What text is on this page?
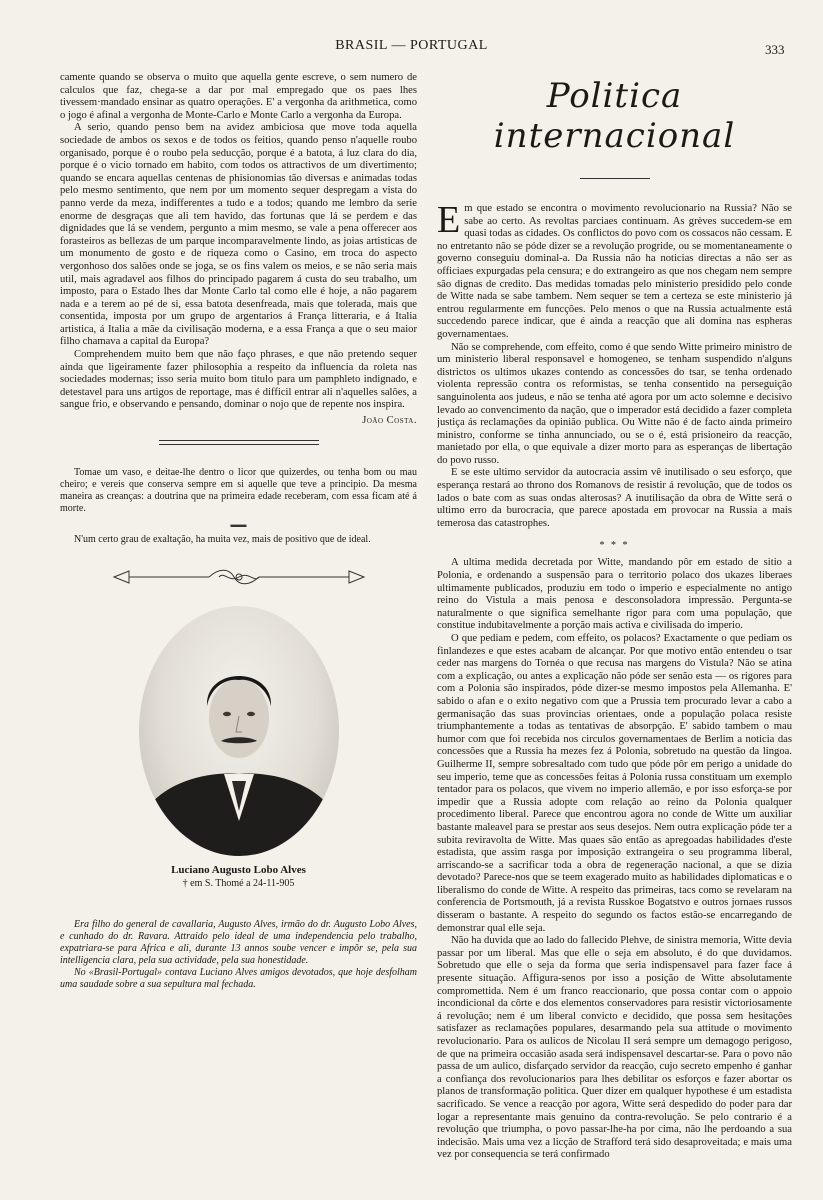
BRASIL — PORTUGAL	333

camente quando se observa o muito que aquella gente escreve, o sem numero de calculos que faz, chega-se a dar por mal empregado que os paes lhes tivessem·mandado ensinar as quatro operações. E' a vergonha da arithmetica, como o jogo é afinal a vergonha de Monte-Carlo e Monte Carlo a vergonha da Europa.

A serio, quando penso bem na avidez ambiciosa que move toda aquella sociedade de ambos os sexos e de todos os feitios, quando penso n'aquelle roubo organisado, porque é o roubo pela seducção, porque é a batota, á luz clara do dia, porque é o vicio tornado em habito, com todos os attractivos de um divertimento; quando se encara aquellas centenas de phisionomias tão diversas e animadas todas pelo mesmo sentimento, que nem por um momento sequer despregam a vista do panno verde da meza, indifferentes a tudo e a todos; quando me lembro da serie enorme de desgraças que ali tem havido, das fortunas que lá se perdem e das dignidades que lá se vendem, pergunto a mim mesmo, se vale a pena offerecer aos forasteiros as bellezas de um parque incomparavelmente lindo, as joias artisticas de um monumento de gosto e de riqueza como o Casino, em troca do aspecto vergonhoso dos salões onde se joga, se os fins valem os meios, e se não seria mais util, mais agradavel aos filhos do principado pagarem á custa do seu trabalho, um imposto, para o Estado lhes dar Monte Carlo tal como elle é hoje, a não pagarem nada e a terem ao pé de si, essa batota desenfreada, mais que tolerada, mais que consentida, imposta por um grupo de argentarios á França litteraria, e á Italia artistica, á Italia a mãe da civilisação moderna, e a essa França a que o seu maior filho chamava a capital da Europa?

Comprehendem muito bem que não faço phrases, e que não pretendo sequer ainda que ligeiramente fazer philosophia a respeito da influencia da roleta nas sociedades modernas; isso seria muito bom titulo para um pamphleto indignado, e detestavel para uns artigos de reportage, mas é difficil entrar ali n'aquelles salões, a sangue frio, e observando e pensando, dominar o nojo que de repente nos inspira.

João Costa.

Tomae um vaso, e deitae-lhe dentro o licor que quizerdes, ou tenha bom ou mau cheiro; e vereis que conserva sempre em si aquelle que teve a principio. Da mesma maneira as creanças: a doutrina que na primeira edade receberam, com essa ficam até á morte.

▬▬

N'um certo grau de exaltação, ha muita vez, mais de positivo que de ideal.

Luciano Augusto Lobo Alves
† em S. Thomé a 24-11-905

Era filho do general de cavallaria, Augusto Alves, irmão do dr. Augusto Lobo Alves, e cunhado do dr. Ravara. Attraido pelo ideal de uma independencia pelo trabalho, expatriara-se para Africa e ali, durante 13 annos soube vencer e impôr se, pela sua intelligencia clara, pela sua actividade, pela sua honestidade.

No «Brasil-Portugal» contava Luciano Alves amigos devotados, que hoje desfolham uma saudade sobre a sua sepultura mal fechada.

Politica internacional

Em que estado se encontra o movimento revolucionario na Russia? Não se sabe ao certo. As revoltas parciaes continuam. As grèves succedem-se em quasi todas as cidades. Os conflictos do povo com os cossacos não cessam. E no entretanto não se póde dizer se a revolução progride, ou se momentaneamente o governo conseguiu dominal-a. Da Russia não ha noticias directas a não ser as officiaes expurgadas pela censura; e do extrangeiro as que nos chegam nem sempre são dignas de credito. Das medidas tomadas pelo ministerio presidido pelo conde de Witte nada se sabe tambem. Nem sequer se tem a certeza se este ministerio já entrou regularmente em funcções. Pelo menos o que na Russia actualmente está succedendo parece indicar, que é ainda a reacção que ali domina nas espheras governamentaes.

Não se comprehende, com effeito, como é que sendo Witte primeiro ministro de um ministerio liberal responsavel e homogeneo, se tenham suspendido n'alguns districtos os ultimos ukazes contendo as concessões do tsar, se tenha ordenado violenta repressão contra os reformistas, se tenha consentido na perseguição sanguinolenta aos judeus, e não se tenha até agora por um acto solemne e decisivo levado ao convencimento da nação, que o imperador está decidido a fazer completa justiça ás reclamações da opinião publica. Ou Witte não é de facto ainda primeiro ministro, conforme se tinha annunciado, ou se o é, está prisioneiro da reacção, manietado por ella, o que equivale a dizer morto para as esperanças de libertação do povo russo.

E se este ultimo servidor da autocracia assim vê inutilisado o seu esforço, que esperança restará ao throno dos Romanovs de resistir á revolução, que de todos os lados o bate com as suas ondas alterosas? A inutilisação da obra de Witte será o ultimo erro da burocracia, que parece apostada em provocar na Russia a mais temerosa das catastrophes.

* * *

A ultima medida decretada por Witte, mandando pôr em estado de sitio a Polonia, e ordenando a suspensão para o territorio polaco dos ukazes liberaes ultimamente publicados, produziu em todo o imperio e especialmente no antigo reino do Vistula a mais penosa e desconsoladora impressão. Pergunta-se naturalmente o que significa semelhante rigor para com uma população, que constitue indubitavelmente a porção mais activa e civilisada do imperio.

O que pediam e pedem, com effeito, os polacos? Exactamente o que pediam os finlandezes e que estes acabam de alcançar. Por que motivo então entendeu o tsar ceder nas margens do Tornéa o que recusa nas margens do Vistula? Não se atina com a explicação, ou antes a explicação não póde ser senão esta — os rigores para com a Polonia são inspirados, póde dizer-se mesmo impostos pela Allemanha. E' sabido o afan e o exito negativo com que a Prussia tem procurado levar a cabo a germanisação das suas provincias orientaes, onde a população polaca resiste triumphantemente a todas as tentativas de absorpção. E' sabido tambem o mau humor com que foi recebida nos circulos governamentaes de Berlim a noticia das concessões que a Russia ha mezes fez á Polonia, sobretudo na questão da lingoa. Guilherme II, sempre sobresaltado com tudo que póde pôr em perigo a unidade do seu imperio, teme que as concessões feitas á Polonia russa constituam um exemplo tentador para os polacos, que vivem no imperio allemão, e por isso esforça-se por impedir que a Russia adopte com relação ao reino da Polonia qualquer procedimento liberal. Parece que encontrou agora no conde de Witte um auxiliar bastante maleavel para se prestar aos seus desejos. Nem outra explicação póde ter a subita reviravolta de Witte. Mas quaes são então as apregoadas habilidades d'este estadista, que assim rasga por imposição extrangeira o seu programma liberal, arriscando-se a sacrificar toda a obra de regeneração nacional, a que se dizia devotado? Parece-nos que se teem exagerado muito as habilidades diplomaticas e o liberalismo do conde de Witte. A respeito das primeiras, tacs como se revelaram na conferencia de Portsmouth, já a revista Russkoe Bogatstvo e outros jornaes russos disseram o bastante. A respeito do segundo os factos estão-se encarregando de demonstrar qual elle seja.

Não ha duvida que ao lado do fallecido Plehve, de sinistra memoria, Witte devia passar por um liberal. Mas que elle o seja em absoluto, é do que duvidamos. Sobretudo que elle o seja da forma que seria indispensavel para fazer face á presente situação. Affigura-senos por isso a posição de Witte absolutamente compromettida. Nem é um franco reaccionario, que possa contar com o appoio incondicional da côrte e dos elementos conservadores para resistir victoriosamente á revolução; nem é um liberal convicto e decidido, que possa sem hesitações satisfazer as reclamações populares, desarmando pela sua attitude o movimento revolucionario. Para os aulicos de Nicolau II será sempre um demagogo perigoso, de que na primeira occasião asada será indispensavel descartar-se. Para o povo não passa de um aulico, disfarçado servidor da reacção, cujo secreto empenho é ganhar a confiança dos revolucionarios para lhes debilitar os esforços e fazer abortar os planos de transformação politica. Quer dizer em qualquer hypothese é um estadista sacrificado. Se vence a reacção por agora, Witte será despedido do poder para dar logar a representante mais genuino da contra-revolução. Se pelo contrario é a revolução que triumpha, o povo passar-lhe-ha por cima, não lhe perdoando a sua indecisão. Mais uma vez a licção de Strafford terá sido desaproveitada; e mais uma vez por consequencia se terá confirmado
